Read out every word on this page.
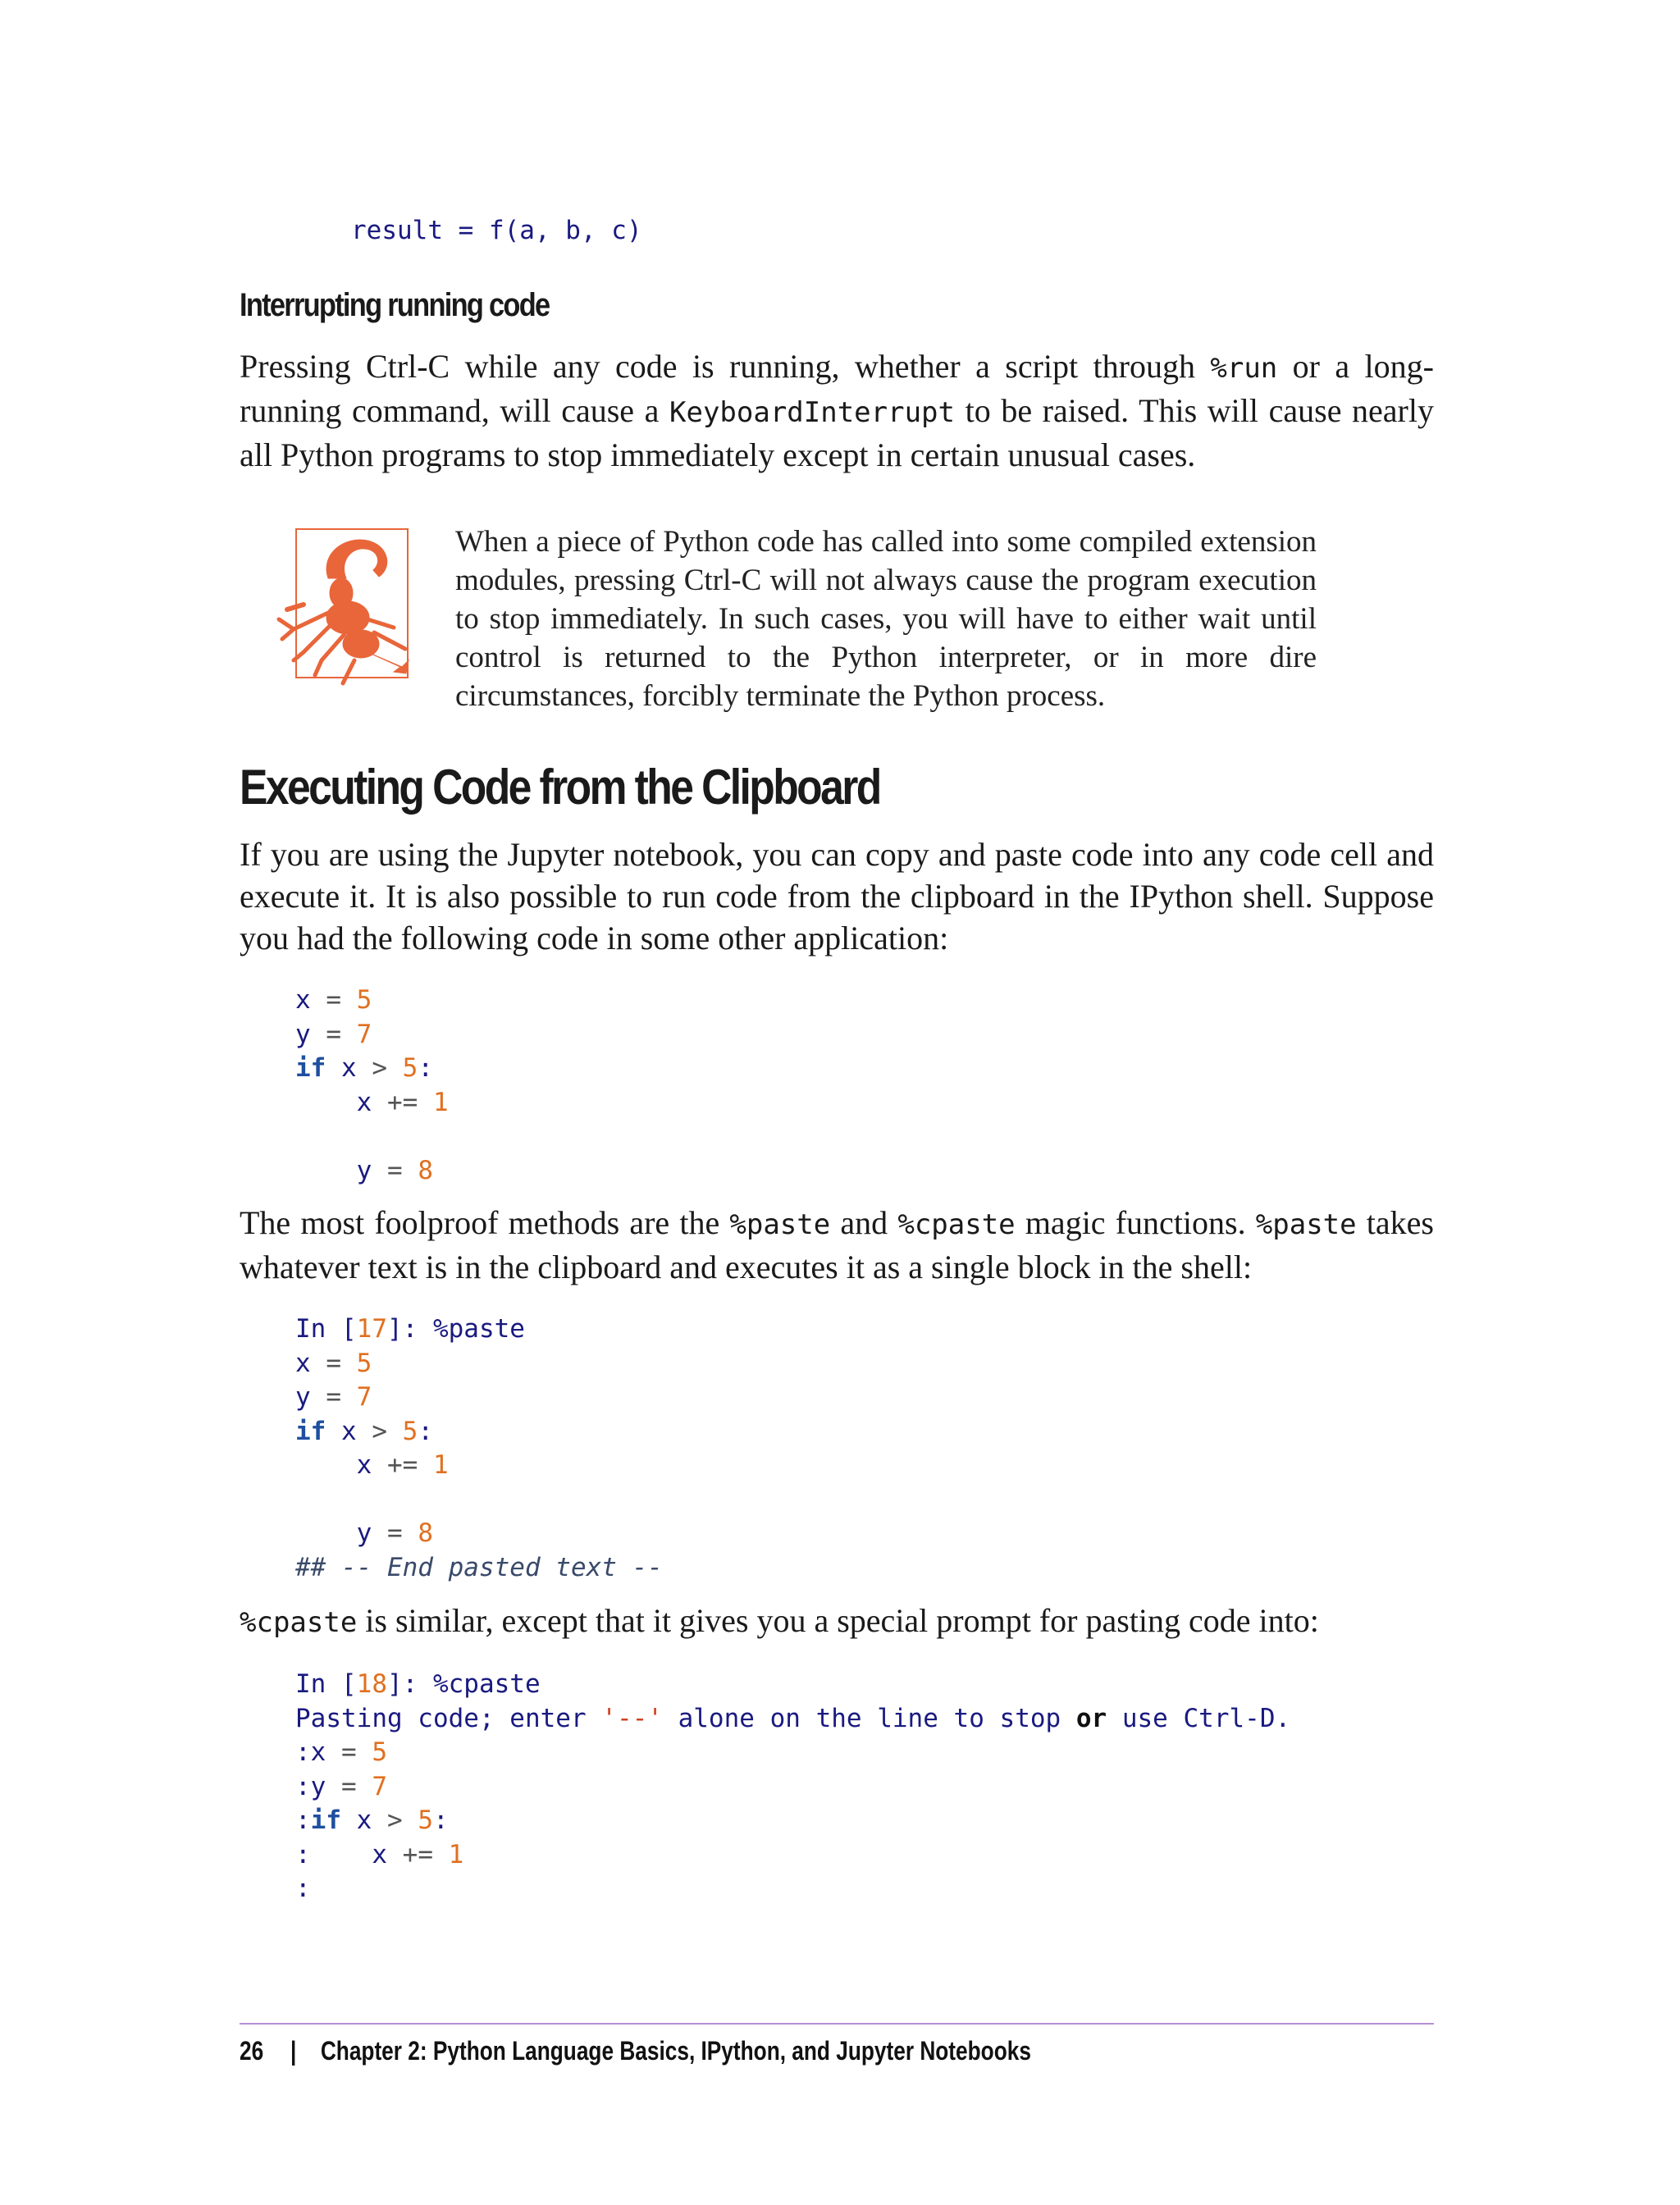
result = f(a, b, c)
Interrupting running code
Pressing Ctrl-C while any code is running, whether a script through %run or a long-running command, will cause a KeyboardInterrupt to be raised. This will cause nearly all Python programs to stop immediately except in certain unusual cases.
When a piece of Python code has called into some compiled extension modules, pressing Ctrl-C will not always cause the program execution to stop immediately. In such cases, you will have to either wait until control is returned to the Python interpreter, or in more dire circumstances, forcibly terminate the Python process.
Executing Code from the Clipboard
If you are using the Jupyter notebook, you can copy and paste code into any code cell and execute it. It is also possible to run code from the clipboard in the IPython shell. Suppose you had the following code in some other application:
x = 5
y = 7
if x > 5:
x += 1

y = 8
The most foolproof methods are the %paste and %cpaste magic functions. %paste takes whatever text is in the clipboard and executes it as a single block in the shell:
In [17]: %paste
x = 5
y = 7
if x > 5:
x += 1

y = 8
## -- End pasted text --
%cpaste is similar, except that it gives you a special prompt for pasting code into:
In [18]: %cpaste
Pasting code; enter '--' alone on the line to stop or use Ctrl-D.
:x = 5
:y = 7
:if x > 5:
:    x += 1
:
26 | Chapter 2: Python Language Basics, IPython, and Jupyter Notebooks
